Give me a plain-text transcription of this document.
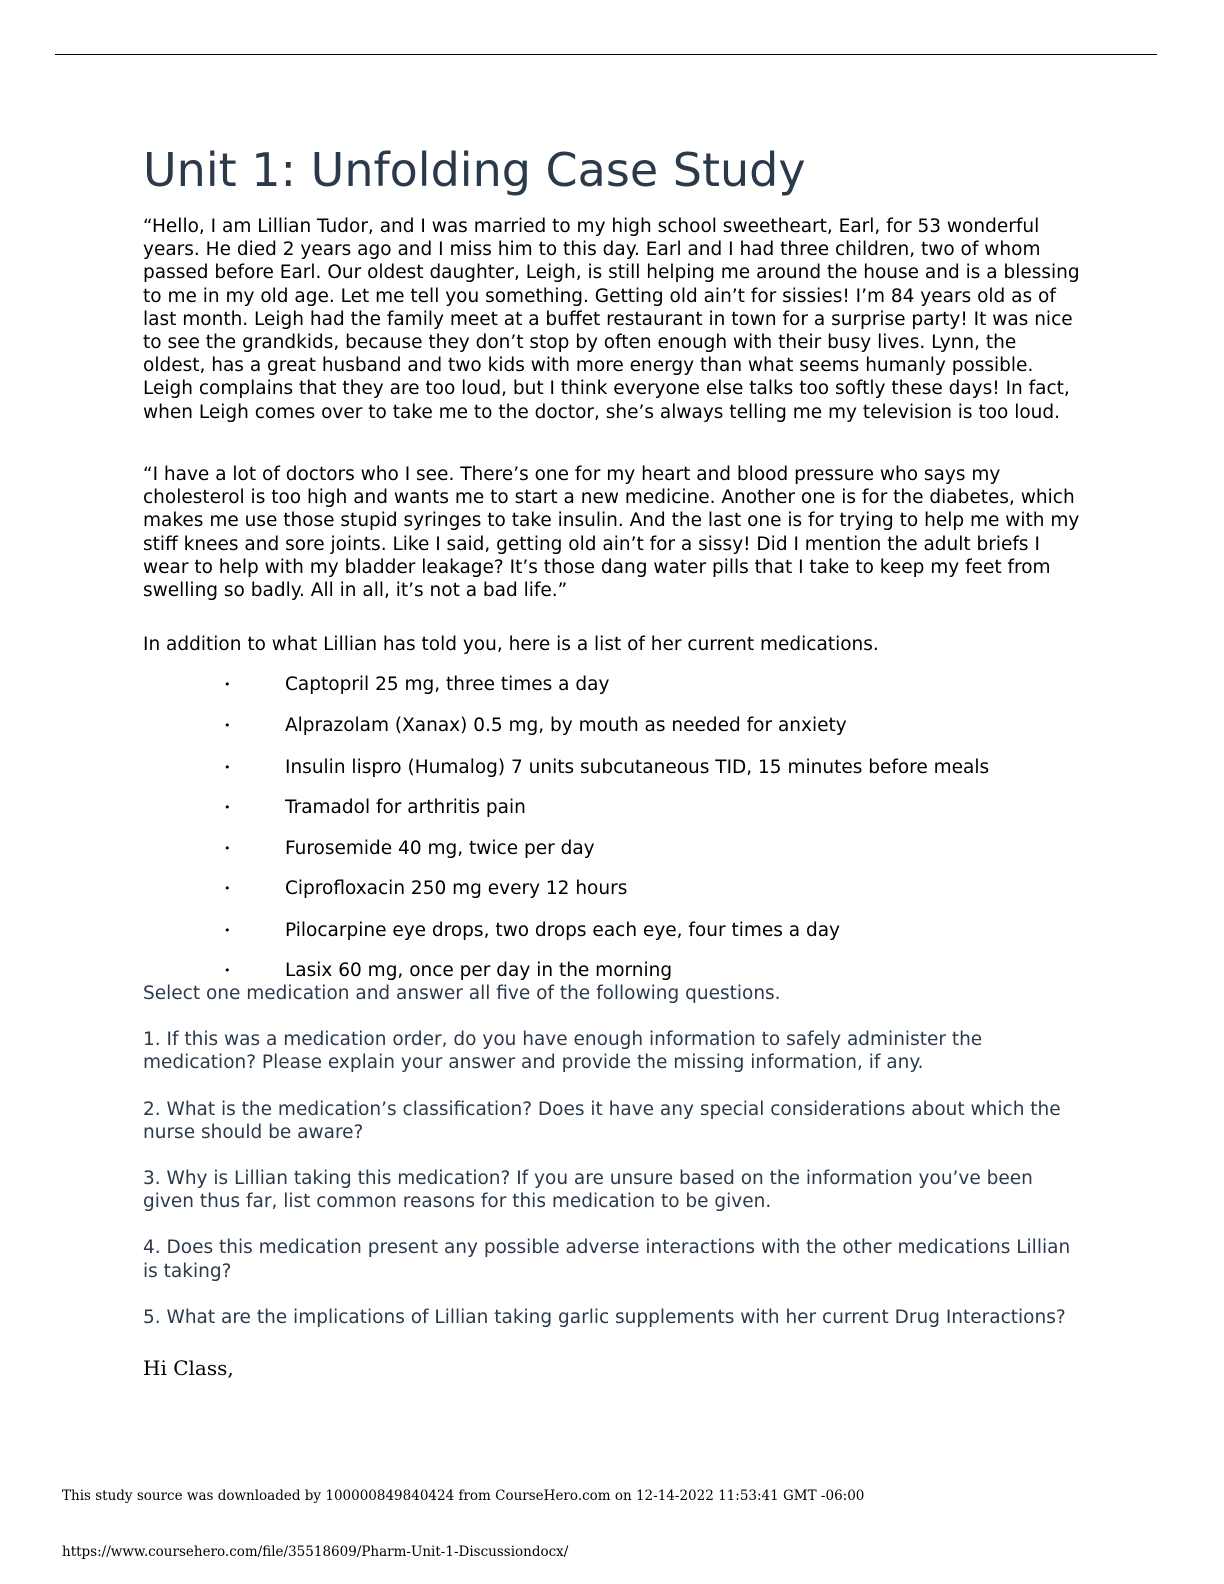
Unit 1: Unfolding Case Study

“Hello, I am Lillian Tudor, and I was married to my high school sweetheart, Earl, for 53 wonderful years. He died 2 years ago and I miss him to this day. Earl and I had three children, two of whom passed before Earl. Our oldest daughter, Leigh, is still helping me around the house and is a blessing to me in my old age. Let me tell you something. Getting old ain’t for sissies! I’m 84 years old as of last month. Leigh had the family meet at a buffet restaurant in town for a surprise party! It was nice to see the grandkids, because they don’t stop by often enough with their busy lives. Lynn, the oldest, has a great husband and two kids with more energy than what seems humanly possible. Leigh complains that they are too loud, but I think everyone else talks too softly these days! In fact, when Leigh comes over to take me to the doctor, she’s always telling me my television is too loud.

“I have a lot of doctors who I see. There’s one for my heart and blood pressure who says my cholesterol is too high and wants me to start a new medicine. Another one is for the diabetes, which makes me use those stupid syringes to take insulin. And the last one is for trying to help me with my stiff knees and sore joints. Like I said, getting old ain’t for a sissy! Did I mention the adult briefs I wear to help with my bladder leakage? It’s those dang water pills that I take to keep my feet from swelling so badly. All in all, it’s not a bad life.”

In addition to what Lillian has told you, here is a list of her current medications.

•	Captopril 25 mg, three times a day
•	Alprazolam (Xanax) 0.5 mg, by mouth as needed for anxiety
•	Insulin lispro (Humalog) 7 units subcutaneous TID, 15 minutes before meals
•	Tramadol for arthritis pain
•	Furosemide 40 mg, twice per day
•	Ciprofloxacin 250 mg every 12 hours
•	Pilocarpine eye drops, two drops each eye, four times a day
•	Lasix 60 mg, once per day in the morning

Select one medication and answer all five of the following questions.

1. If this was a medication order, do you have enough information to safely administer the medication? Please explain your answer and provide the missing information, if any.

2. What is the medication’s classification? Does it have any special considerations about which the nurse should be aware?

3. Why is Lillian taking this medication? If you are unsure based on the information you’ve been given thus far, list common reasons for this medication to be given.

4. Does this medication present any possible adverse interactions with the other medications Lillian is taking?

5. What are the implications of Lillian taking garlic supplements with her current Drug Interactions?

Hi Class,

This study source was downloaded by 100000849840424 from CourseHero.com on 12-14-2022 11:53:41 GMT -06:00

https://www.coursehero.com/file/35518609/Pharm-Unit-1-Discussiondocx/
